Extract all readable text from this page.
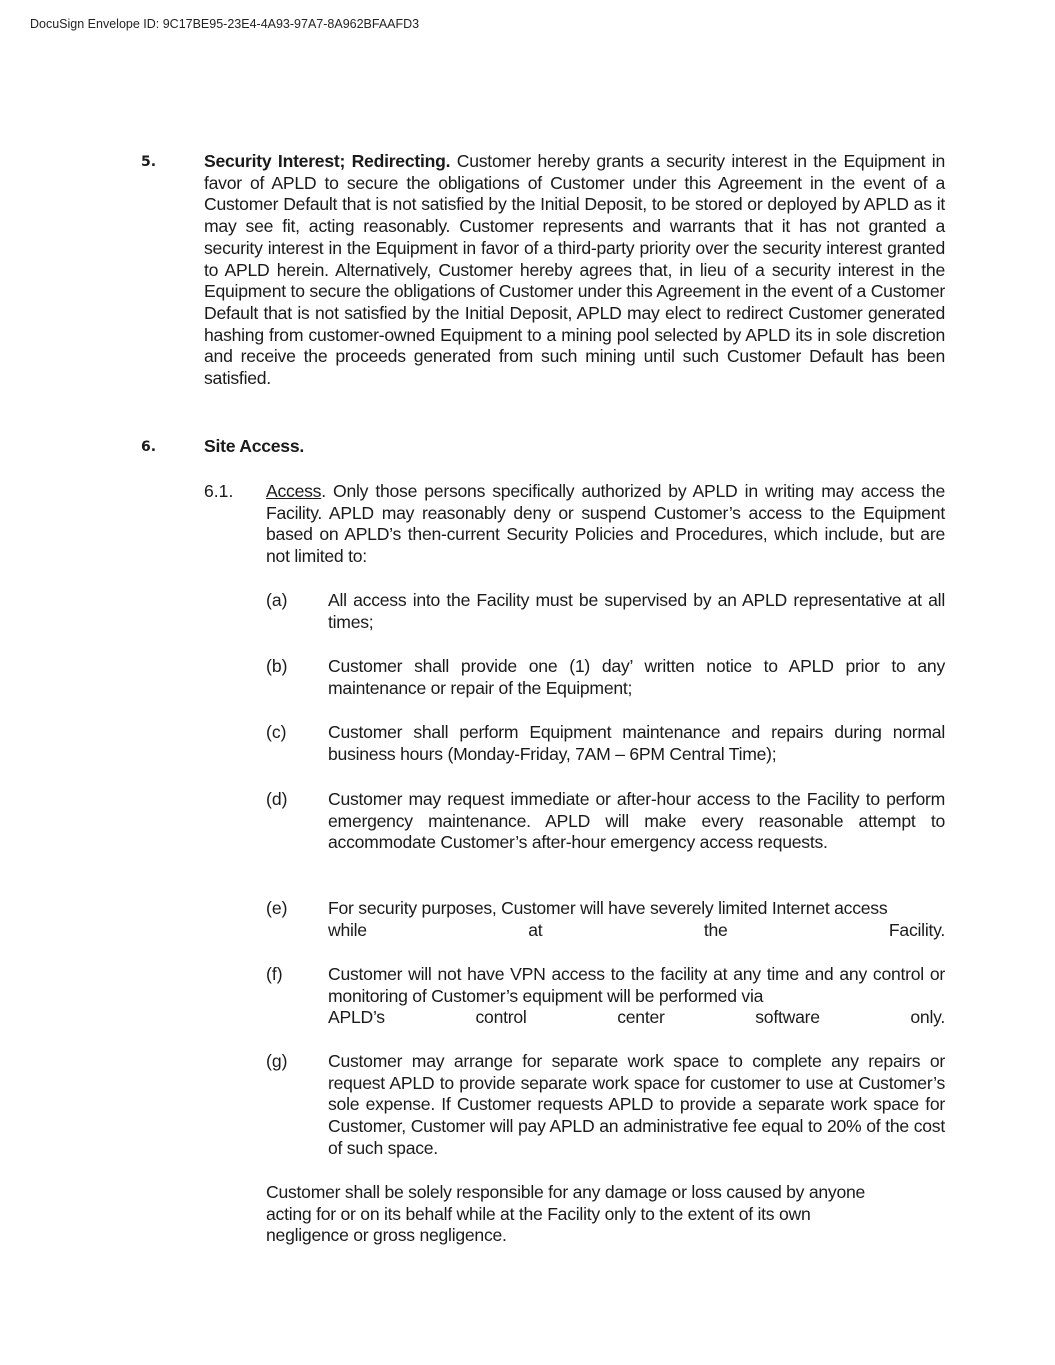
DocuSign Envelope ID: 9C17BE95-23E4-4A93-97A7-8A962BFAAFD3
5.	Security Interest; Redirecting. Customer hereby grants a security interest in the Equipment in favor of APLD to secure the obligations of Customer under this Agreement in the event of a Customer Default that is not satisfied by the Initial Deposit, to be stored or deployed by APLD as it may see fit, acting reasonably. Customer represents and warrants that it has not granted a security interest in the Equipment in favor of a third-party priority over the security interest granted to APLD herein. Alternatively, Customer hereby agrees that, in lieu of a security interest in the Equipment to secure the obligations of Customer under this Agreement in the event of a Customer Default that is not satisfied by the Initial Deposit, APLD may elect to redirect Customer generated hashing from customer-owned Equipment to a mining pool selected by APLD its in sole discretion and receive the proceeds generated from such mining until such Customer Default has been satisfied.
6.	Site Access.
6.1. Access. Only those persons specifically authorized by APLD in writing may access the Facility. APLD may reasonably deny or suspend Customer’s access to the Equipment based on APLD’s then-current Security Policies and Procedures, which include, but are not limited to:
(a) All access into the Facility must be supervised by an APLD representative at all times;
(b) Customer shall provide one (1) day’ written notice to APLD prior to any maintenance or repair of the Equipment;
(c) Customer shall perform Equipment maintenance and repairs during normal business hours (Monday-Friday, 7AM – 6PM Central Time);
(d) Customer may request immediate or after-hour access to the Facility to perform emergency maintenance. APLD will make every reasonable attempt to accommodate Customer’s after-hour emergency access requests.
(e) For security purposes, Customer will have severely limited Internet access
while	at	the	Facility.
(f)	Customer will not have VPN access to the facility at any time and any control or monitoring of Customer’s equipment will be performed via
APLD’s	control	center	software	only.
(g) Customer may arrange for separate work space to complete any repairs or request APLD to provide separate work space for customer to use at Customer’s sole expense. If Customer requests APLD to provide a separate work space for Customer, Customer will pay APLD an administrative fee equal to 20% of the cost of such space.
Customer shall be solely responsible for any damage or loss caused by anyone
acting for or on its behalf while at the Facility only to the extent of its own
negligence or gross negligence.
